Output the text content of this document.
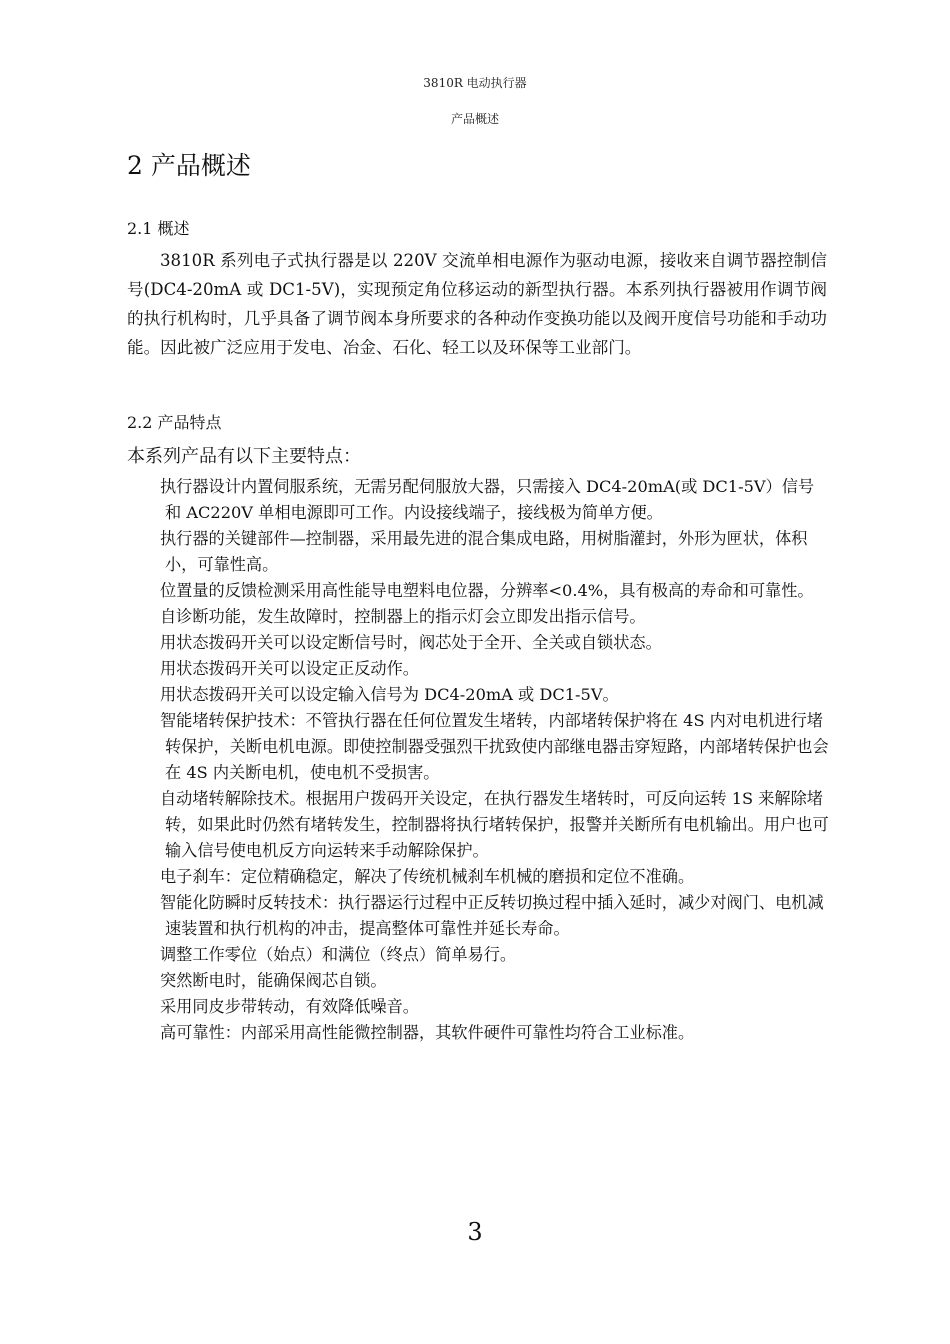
3810R 电动执行器
产品概述
2 产品概述
2.1 概述

3810R 系列电子式执行器是以 220V 交流单相电源作为驱动电源，接收来自调节器控制信号(DC4-20mA 或 DC1-5V)，实现预定角位移运动的新型执行器。本系列执行器被用作调节阀的执行机构时，几乎具备了调节阀本身所要求的各种动作变换功能以及阀开度信号功能和手动功能。因此被广泛应用于发电、冶金、石化、轻工以及环保等工业部门。

2.2 产品特点

本系列产品有以下主要特点：

执行器设计内置伺服系统，无需另配伺服放大器，只需接入 DC4-20mA(或 DC1-5V）信号和 AC220V 单相电源即可工作。内设接线端子，接线极为简单方便。
执行器的关键部件—控制器，采用最先进的混合集成电路，用树脂灌封，外形为匣状，体积小，可靠性高。
位置量的反馈检测采用高性能导电塑料电位器，分辨率<0.4%，具有极高的寿命和可靠性。
自诊断功能，发生故障时，控制器上的指示灯会立即发出指示信号。
用状态拨码开关可以设定断信号时，阀芯处于全开、全关或自锁状态。
用状态拨码开关可以设定正反动作。
用状态拨码开关可以设定输入信号为 DC4-20mA 或 DC1-5V。
智能堵转保护技术：不管执行器在任何位置发生堵转，内部堵转保护将在 4S 内对电机进行堵转保护，关断电机电源。即使控制器受强烈干扰致使内部继电器击穿短路，内部堵转保护也会在 4S 内关断电机，使电机不受损害。
自动堵转解除技术。根据用户拨码开关设定，在执行器发生堵转时，可反向运转 1S 来解除堵转，如果此时仍然有堵转发生，控制器将执行堵转保护，报警并关断所有电机输出。用户也可输入信号使电机反方向运转来手动解除保护。
电子刹车：定位精确稳定，解决了传统机械刹车机械的磨损和定位不准确。
智能化防瞬时反转技术：执行器运行过程中正反转切换过程中插入延时，减少对阀门、电机减速装置和执行机构的冲击，提高整体可靠性并延长寿命。
调整工作零位（始点）和满位（终点）简单易行。
突然断电时，能确保阀芯自锁。
采用同皮步带转动，有效降低噪音。
高可靠性：内部采用高性能微控制器，其软件硬件可靠性均符合工业标准。
3
